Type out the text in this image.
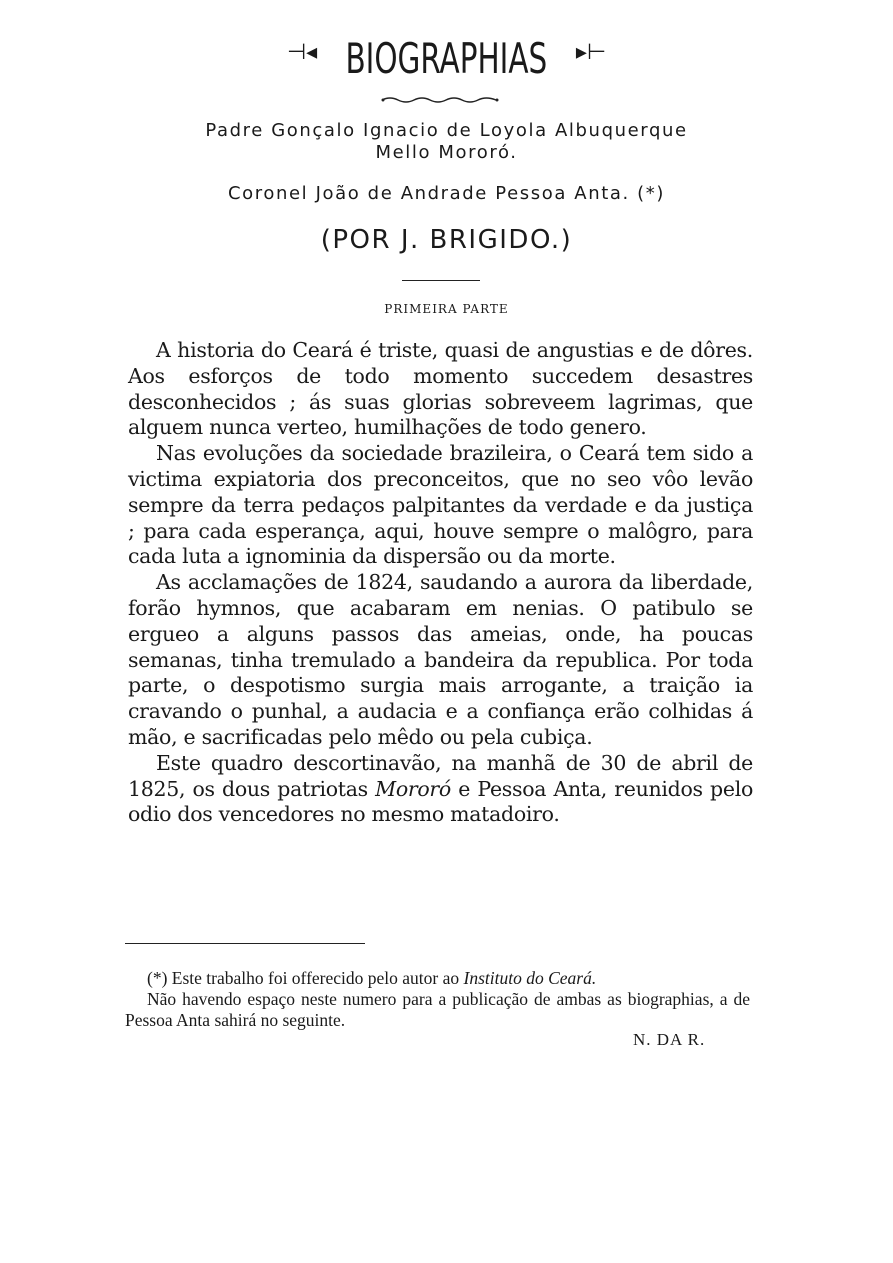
⊣◂ BIOGRAPHIAS ▸⊢
Padre Gonçalo Ignacio de Loyola Albuquerque
Mello Mororó.
Coronel João de Andrade Pessoa Anta. (*)
(POR J. BRIGIDO.)
PRIMEIRA PARTE

A historia do Ceará é triste, quasi de angustias e de dôres. Aos esforços de todo momento succedem desastres desconhecidos ; ás suas glorias sobreveem lagrimas, que alguem nunca verteo, humilhações de todo genero.

Nas evoluções da sociedade brazileira, o Ceará tem sido a victima expiatoria dos preconceitos, que no seo vôo levão sempre da terra pedaços palpitantes da verdade e da justiça ; para cada esperança, aqui, houve sempre o malôgro, para cada luta a ignominia da dispersão ou da morte.

As acclamações de 1824, saudando a aurora da liberdade, forão hymnos, que acabaram em nenias. O patibulo se ergueo a alguns passos das ameias, onde, ha poucas semanas, tinha tremulado a bandeira da republica. Por toda parte, o despotismo surgia mais arrogante, a traição ia cravando o punhal, a audacia e a confiança erão colhidas á mão, e sacrificadas pelo mêdo ou pela cubiça.

Este quadro descortinavão, na manhã de 30 de abril de 1825, os dous patriotas Mororó e Pessoa Anta, reunidos pelo odio dos vencedores no mesmo matadoiro.

(*) Este trabalho foi offerecido pelo autor ao Instituto do Ceará.

Não havendo espaço neste numero para a publicação de ambas as biographias, a de Pessoa Anta sahirá no seguinte.

N. DA R.
